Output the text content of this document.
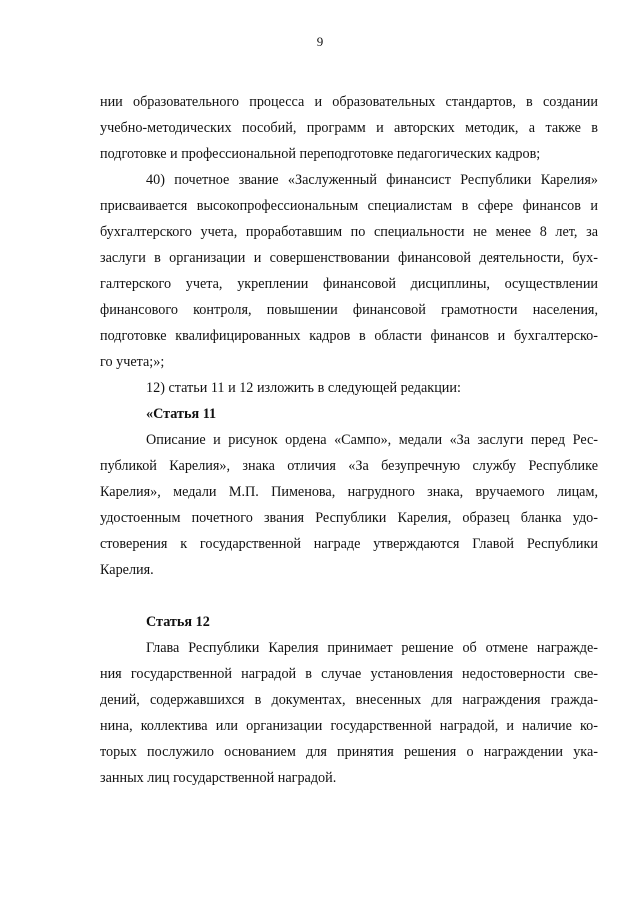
9
нии образовательного процесса и образовательных стандартов, в создании
учебно-методических пособий, программ и авторских методик, а также в
подготовке и профессиональной переподготовке педагогических кадров;
40) почетное звание «Заслуженный финансист Республики Карелия»
присваивается высокопрофессиональным специалистам в сфере финансов и
бухгалтерского учета, проработавшим по специальности не менее 8 лет, за
заслуги в организации и совершенствовании финансовой деятельности, бух-
галтерского учета, укреплении финансовой дисциплины, осуществлении
финансового контроля, повышении финансовой грамотности населения,
подготовке квалифицированных кадров в области финансов и бухгалтерско-
го учета;»;
12) статьи 11 и 12 изложить в следующей редакции:
«Статья 11
Описание и рисунок ордена «Сампо», медали «За заслуги перед Рес-
публикой Карелия», знака отличия «За безупречную службу Республике
Карелия», медали М.П. Пименова, нагрудного знака, вручаемого лицам,
удостоенным почетного звания Республики Карелия, образец бланка удо-
стоверения к государственной награде утверждаются Главой Республики
Карелия.
Статья 12
Глава Республики Карелия принимает решение об отмене награжде-
ния государственной наградой в случае установления недостоверности све-
дений, содержавшихся в документах, внесенных для награждения гражда-
нина, коллектива или организации государственной наградой, и наличие ко-
торых послужило основанием для принятия решения о награждении ука-
занных лиц государственной наградой.
